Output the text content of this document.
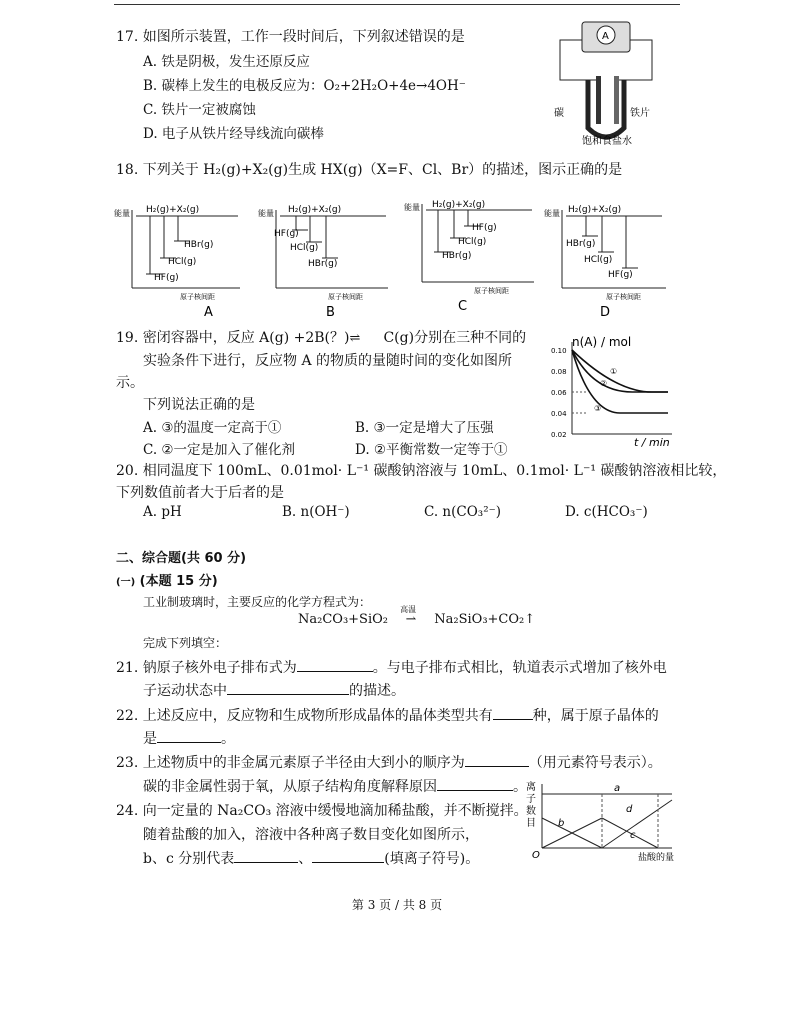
17. 如图所示装置，工作一段时间后，下列叙述错误的是
A. 铁是阴极，发生还原反应
B. 碳棒上发生的电极反应为：O₂+2H₂O+4e→4OH⁻
C. 铁片一定被腐蚀
D. 电子从铁片经导线流向碳棒
A
碳	铁片
饱和食盐水
18. 下列关于 H₂(g)+X₂(g)生成 HX(g)（X=F、Cl、Br）的描述，图示正确的是
能量 H₂(g)+X₂(g)
HBr(g)
HCl(g)
HF(g)
原子核间距
A
能量 H₂(g)+X₂(g)
HF(g)
HCl(g)
HBr(g)
原子核间距
B
能量 H₂(g)+X₂(g)
HF(g)
HCl(g)
HBr(g)
原子核间距
C
能量 H₂(g)+X₂(g)
HBr(g)
HCl(g)
HF(g)
原子核间距
D
19. 密闭容器中，反应 A(g) +2B(？)⇌ C(g)分别在三种不同的
实验条件下进行，反应物 A 的物质的量随时间的变化如图所
示。
下列说法正确的是
A. ③的温度一定高于①	B. ③一定是增大了压强
C. ②一定是加入了催化剂	D. ②平衡常数一定等于①
n(A) / mol
t / min
0.10
0.08
0.06
0.04
0.02
①
②
③
20. 相同温度下 100mL、0.01mol· L⁻¹ 碳酸钠溶液与 10mL、0.1mol· L⁻¹ 碳酸钠溶液相比较，
下列数值前者大于后者的是
A. pH	B. n(OH⁻)	C. n(CO₃²⁻)	D. c(HCO₃⁻)
二、综合题(共 60 分)
(一) (本题 15 分)
工业制玻璃时，主要反应的化学方程式为：
Na₂CO₃+SiO₂
高温
⇀ Na₂SiO₃+CO₂↑
完成下列填空：
21. 钠原子核外电子排布式为	。与电子排布式相比，轨道表示式增加了核外电
子运动状态中	的描述。
22. 上述反应中，反应物和生成物所形成晶体的晶体类型共有	种，属于原子晶体的
是	。
23. 上述物质中的非金属元素原子半径由大到小的顺序为	（用元素符号表示）。
碳的非金属性弱于氧，从原子结构角度解释原因	。
24. 向一定量的 Na₂CO₃ 溶液中缓慢地滴加稀盐酸，并不断搅拌。
随着盐酸的加入，溶液中各种离子数目变化如图所示，
b、c 分别代表	、	(填离子符号)。
离
子
数
目
O	盐酸的量
a
b
c
d
第 3 页 / 共 8 页
